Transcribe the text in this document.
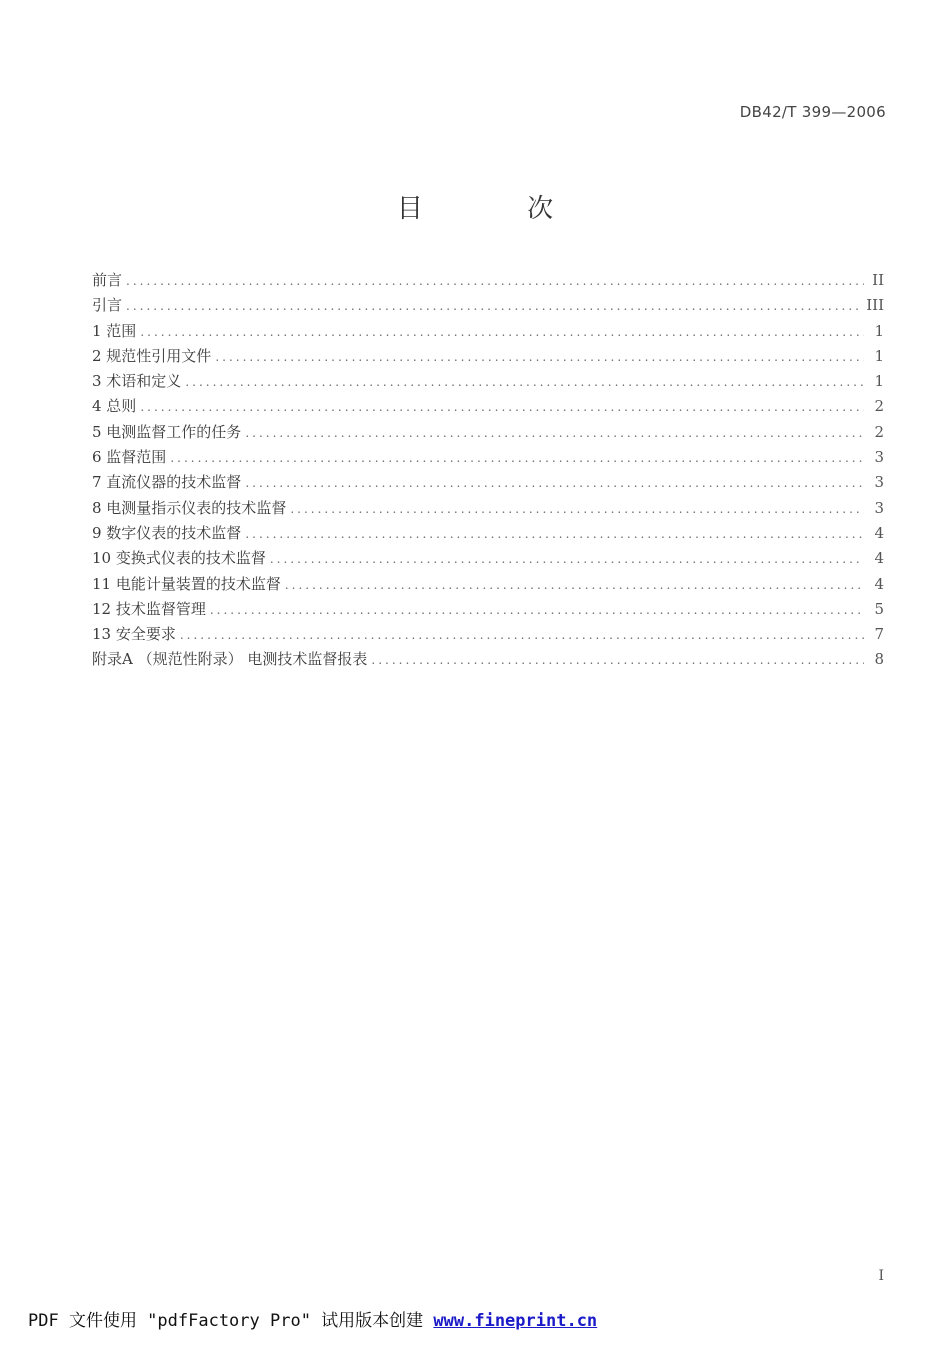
DB42/T 399—2006
目 次
前言 .....	II
引言 .....	III
1 范围 .....	1
2 规范性引用文件 .....	1
3 术语和定义 .....	1
4 总则 .....	2
5 电测监督工作的任务 .....	2
6 监督范围 .....	3
7 直流仪器的技术监督 .....	3
8 电测量指示仪表的技术监督 .....	3
9 数字仪表的技术监督 .....	4
10 变换式仪表的技术监督 .....	4
11 电能计量装置的技术监督 .....	4
12 技术监督管理 .....	5
13 安全要求 .....	7
附录A （规范性附录） 电测技术监督报表 .....	8
I
PDF 文件使用 "pdfFactory Pro" 试用版本创建 www.fineprint.cn
